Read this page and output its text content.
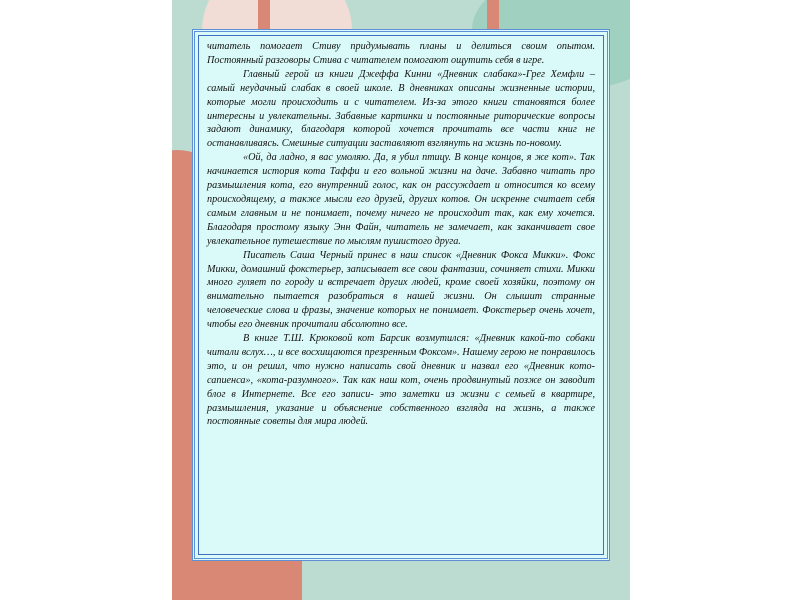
читатель помогает Стиву придумывать планы и делиться своим опытом. Постоянный разговоры Стива с читателем помогают ощутить себя в игре.

Главный герой из книги Джеффа Кинни «Дневник слабака»-Грег Хемфли – самый неудачный слабак в своей школе. В дневниках описаны жизненные истории, которые могли происходить и с читателем. Из-за этого книги становятся более интересны и увлекательны. Забавные картинки и постоянные риторические вопросы задают динамику, благодаря которой хочется прочитать все части книг не останавливаясь. Смешные ситуации заставляют взглянуть на жизнь по-новому.

«Ой, да ладно, я вас умоляю. Да, я убил птицу. В конце концов, я же кот». Так начинается история кота Таффи и его вольной жизни на даче. Забавно читать про размышления кота, его внутренний голос, как он рассуждает и относится ко всему происходящему, а также мысли его друзей, других котов. Он искренне считает себя самым главным и не понимает, почему ничего не происходит так, как ему хочется. Благодаря простому языку Энн Файн, читатель не замечает, как заканчивает свое увлекательное путешествие по мыслям пушистого друга.

Писатель Саша Черный принес в наш список «Дневник Фокса Микки». Фокс Микки, домашний фокстерьер, записывает все свои фантазии, сочиняет стихи. Микки много гуляет по городу и встречает других людей, кроме своей хозяйки, поэтому он внимательно пытается разобраться в нашей жизни. Он слышит странные человеческие слова и фразы, значение которых не понимает. Фокстерьер очень хочет, чтобы его дневник прочитали абсолютно все.

В книге Т.Ш. Крюковой кот Барсик возмутился: «Дневник какой-то собаки читали вслух…, и все восхищаются презренным Фоксом». Нашему герою не понравилось это, и он решил, что нужно написать свой дневник и назвал его «Дневник кото-сапиенса», «кота-разумного». Так как наш кот, очень продвинутый позже он заводит блог в Интернете. Все его записи- это заметки из жизни с семьей в квартире, размышления, указание и объяснение собственного взгляда на жизнь, а также постоянные советы для мира людей.
